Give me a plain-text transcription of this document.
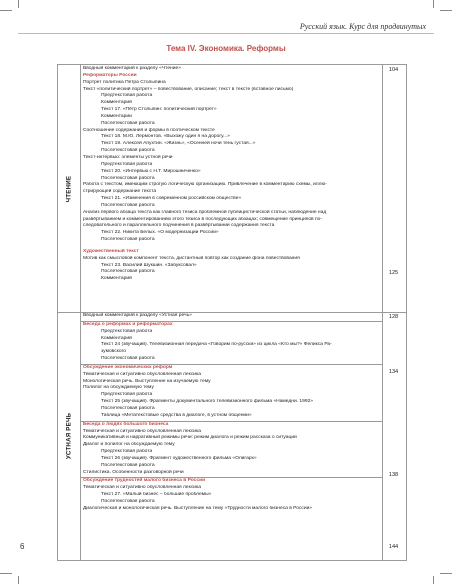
Русский язык. Курс для продвинутых
Тема IV. Экономика. Реформы
ЧТЕНИЕ
Вводный комментарий к разделу «Чтение»
Реформаторы России
Портрет политика Петра Столыпина
Текст «политический портрет» – повествование, описание; текст в тексте (вставное письмо)
Предтекстовая работа
Комментарий
Текст 17. «Пётр Столыпин: политический портрет»
Комментарии
Послетекстовая работа
Соотношение содержания и формы в поэтическом тексте
Текст 18. М.Ю. Лермонтов. «Выхожу один я на дорогу...»
Текст 19. Алексей Апухтин. «Жизнь», «Осенней ночи тень густая...»
Послетекстовая работа
Текст-интервью: элементы устной речи
Предтекстовая работа
Текст 20. «Интервью с Н.Т. Мирошниченко»
Послетекстовая работа
Работа с текстом, имеющим строгую логическую организацию. Привлечение в комментарию схемы, иллю-
стрирующей содержание текста
Текст 21. «Изменения в современном российском обществе»
Послетекстовая работа
Анализ первого абзаца текста как главного тезиса проблемной публицистической статьи, наблюдение над
развёртыванием и комментированием этого тезиса в последующих абзацах; совмещение принципов по-
следовательного и параллельного подчинения в развёртывании содержания текста
Текст 22. Никита Белых. «О модернизации России»
Послетекстовая работа
Художественный текст
Мотив как смысловой компонент текста, дистантный повтор как создание фона повествования
Текст 23. Василий Шукшин. «Забуксовал»
Послетекстовая работа
Комментарий
104
125
УСТНАЯ РЕЧЬ
Вводный комментарий к разделу «Устная речь»
Беседа о реформах и реформаторах
Предтекстовая работа
Комментарий
Текст 24 (звучащий). Телевизионная передача «Говорим по-русски» из цикла «Кто мы?» Феликса Ра-
зумовского
Послетекстовая работа
Обсуждение экономических реформ
Тематическая и ситуативно обусловленная лексика
Монологическая речь. Выступление на изучаемую тему
Полилог на обсуждаемую тему
Предтекстовая работа
Текст 25 (звучащий). Фрагменты документального телевизионного фильма «Намедни. 1992»
Послетекстовая работа
Таблица «Метатекстовые средства в диалоге, в устном общении»
Беседа о людях большого бизнеса
Тематическая и ситуативно обусловленная лексика
Коммуникативный и нарративный режимы речи: режим диалога и режим рассказа о ситуации
Диалог и полилог на обсуждаемую тему
Предтекстовая работа
Текст 26 (звучащий). Фрагмент художественного фильма «Олигарх»
Послетекстовая работа
Стилистика. Особенности разговорной речи
Обсуждение трудностей малого бизнеса в России
Тематическая и ситуативно обусловленная лексика
Текст 27. «Малый бизнес – большие проблемы»
Послетекстовая работа
Диалогическая и монологическая речь. Выступление на тему «Трудности малого бизнеса в России»
128
134
138
144
6
